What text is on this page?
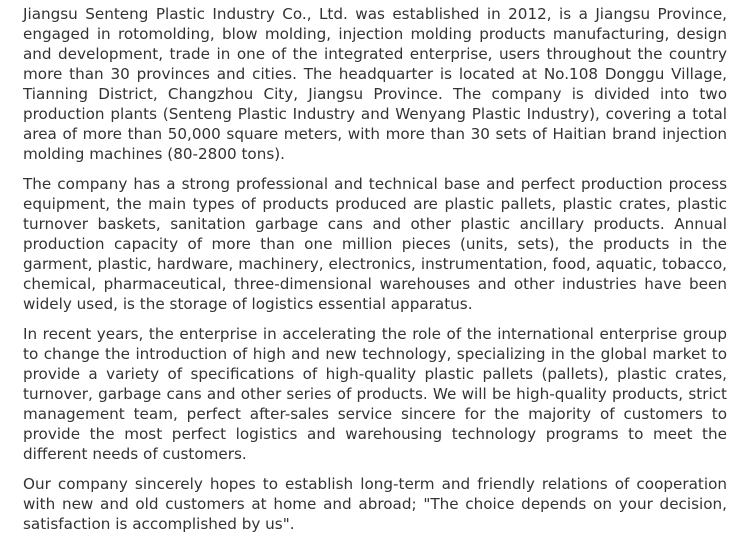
Jiangsu Senteng Plastic Industry Co., Ltd. was established in 2012, is a Jiangsu Province, engaged in rotomolding, blow molding, injection molding products manufacturing, design and development, trade in one of the integrated enterprise, users throughout the country more than 30 provinces and cities. The headquarter is located at No.108 Donggu Village, Tianning District, Changzhou City, Jiangsu Province. The company is divided into two production plants (Senteng Plastic Industry and Wenyang Plastic Industry), covering a total area of more than 50,000 square meters, with more than 30 sets of Haitian brand injection molding machines (80-2800 tons).

The company has a strong professional and technical base and perfect production process equipment, the main types of products produced are plastic pallets, plastic crates, plastic turnover baskets, sanitation garbage cans and other plastic ancillary products. Annual production capacity of more than one million pieces (units, sets), the products in the garment, plastic, hardware, machinery, electronics, instrumentation, food, aquatic, tobacco, chemical, pharmaceutical, three-dimensional warehouses and other industries have been widely used, is the storage of logistics essential apparatus.

In recent years, the enterprise in accelerating the role of the international enterprise group to change the introduction of high and new technology, specializing in the global market to provide a variety of specifications of high-quality plastic pallets (pallets), plastic crates, turnover, garbage cans and other series of products. We will be high-quality products, strict management team, perfect after-sales service sincere for the majority of customers to provide the most perfect logistics and warehousing technology programs to meet the different needs of customers.

Our company sincerely hopes to establish long-term and friendly relations of cooperation with new and old customers at home and abroad; "The choice depends on your decision, satisfaction is accomplished by us".
